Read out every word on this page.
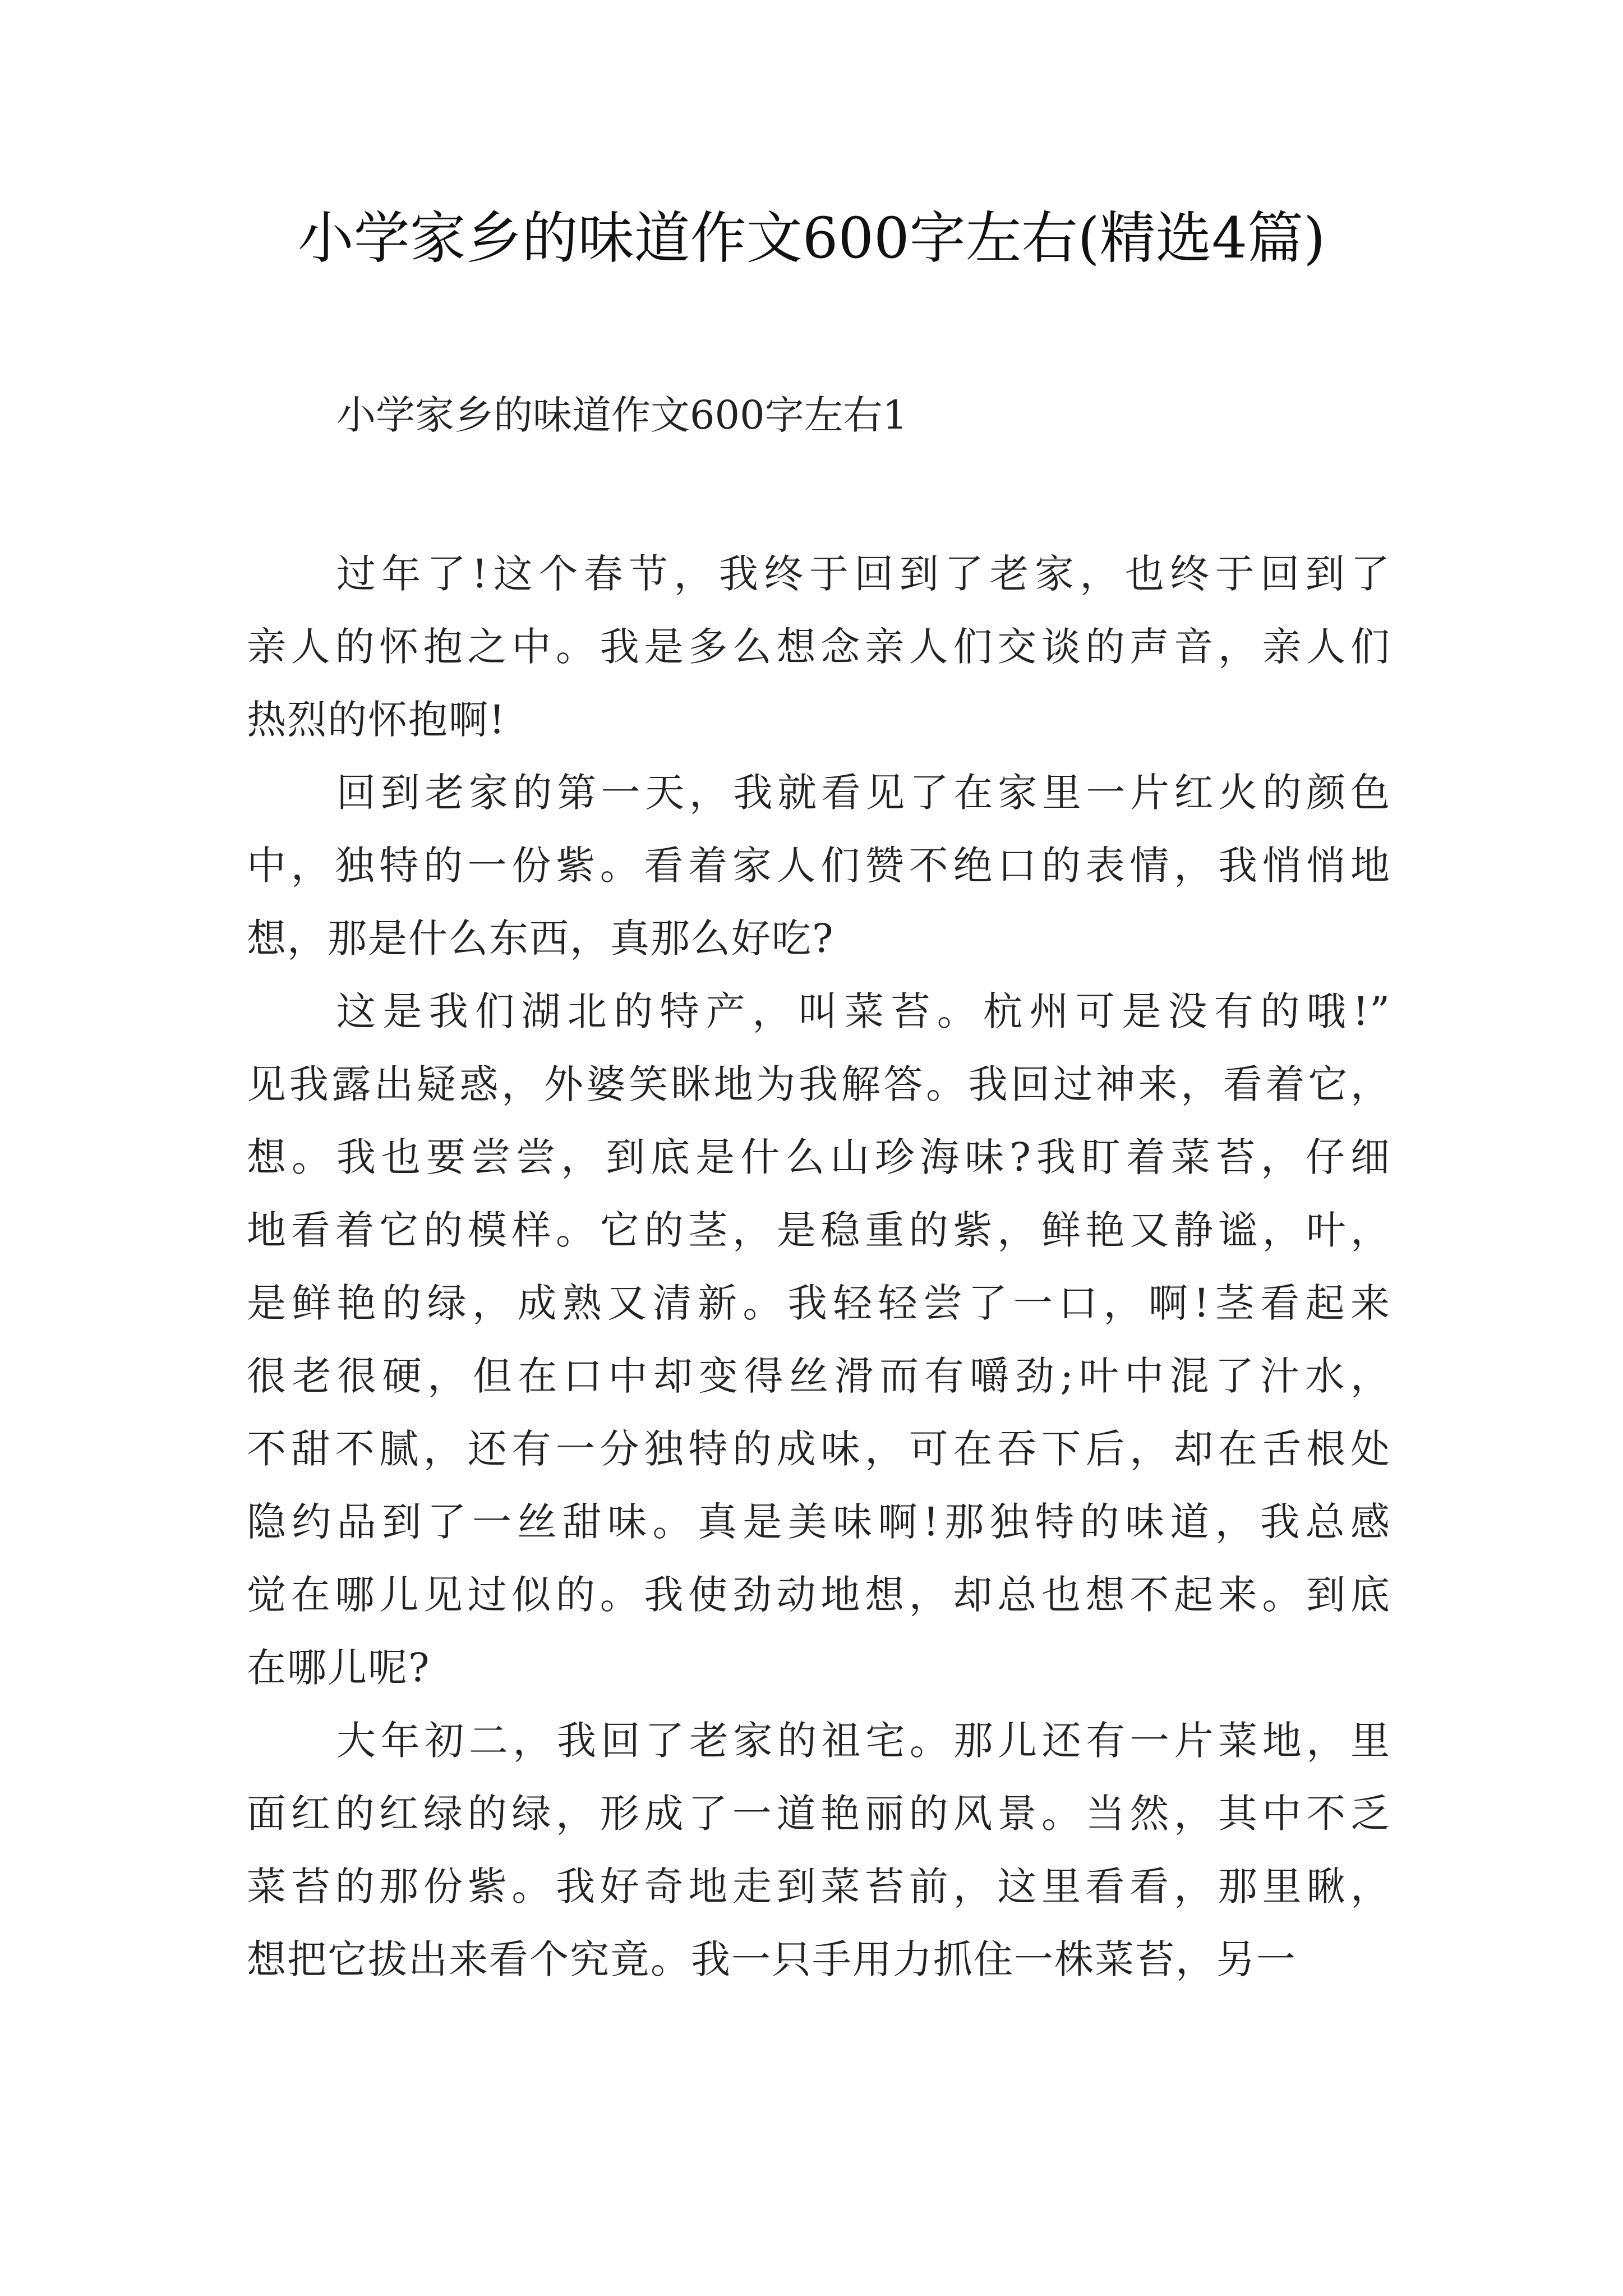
小学家乡的味道作文600字左右(精选4篇)
小学家乡的味道作文600字左右1

过年了!这个春节，我终于回到了老家，也终于回到了
亲人的怀抱之中。我是多么想念亲人们交谈的声音，亲人们
热烈的怀抱啊!

回到老家的第一天，我就看见了在家里一片红火的颜色
中，独特的一份紫。看着家人们赞不绝口的表情，我悄悄地
想，那是什么东西，真那么好吃?

这是我们湖北的特产，叫菜苔。杭州可是没有的哦!”
见我露出疑惑，外婆笑眯地为我解答。我回过神来，看着它，
想。我也要尝尝，到底是什么山珍海味?我盯着菜苔，仔细
地看着它的模样。它的茎，是稳重的紫，鲜艳又静谧，叶，
是鲜艳的绿，成熟又清新。我轻轻尝了一口，啊!茎看起来
很老很硬，但在口中却变得丝滑而有嚼劲;叶中混了汁水，
不甜不腻，还有一分独特的成味，可在吞下后，却在舌根处
隐约品到了一丝甜味。真是美味啊!那独特的味道，我总感
觉在哪儿见过似的。我使劲动地想，却总也想不起来。到底
在哪儿呢?

大年初二，我回了老家的祖宅。那儿还有一片菜地，里
面红的红绿的绿，形成了一道艳丽的风景。当然，其中不乏
菜苔的那份紫。我好奇地走到菜苔前，这里看看，那里瞅，
想把它拔出来看个究竟。我一只手用力抓住一株菜苔，另一
